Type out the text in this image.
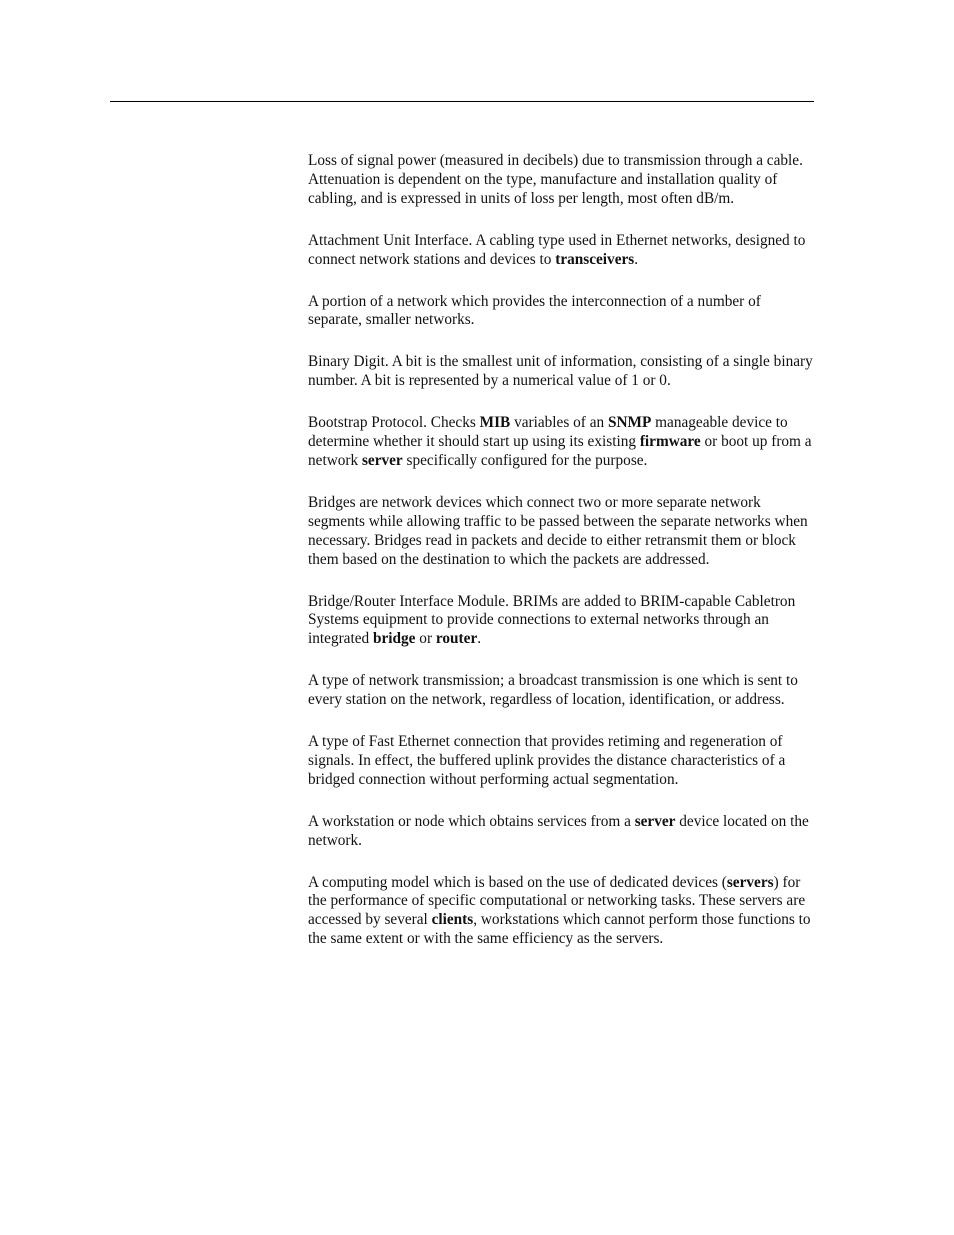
Loss of signal power (measured in decibels) due to transmission through a cable. Attenuation is dependent on the type, manufacture and installation quality of cabling, and is expressed in units of loss per length, most often dB/m.

Attachment Unit Interface. A cabling type used in Ethernet networks, designed to connect network stations and devices to transceivers.

A portion of a network which provides the interconnection of a number of separate, smaller networks.

Binary Digit. A bit is the smallest unit of information, consisting of a single binary number. A bit is represented by a numerical value of 1 or 0.

Bootstrap Protocol. Checks MIB variables of an SNMP manageable device to determine whether it should start up using its existing firmware or boot up from a network server specifically configured for the purpose.

Bridges are network devices which connect two or more separate network segments while allowing traffic to be passed between the separate networks when necessary. Bridges read in packets and decide to either retransmit them or block them based on the destination to which the packets are addressed.

Bridge/Router Interface Module. BRIMs are added to BRIM-capable Cabletron Systems equipment to provide connections to external networks through an integrated bridge or router.

A type of network transmission; a broadcast transmission is one which is sent to every station on the network, regardless of location, identification, or address.

A type of Fast Ethernet connection that provides retiming and regeneration of signals. In effect, the buffered uplink provides the distance characteristics of a bridged connection without performing actual segmentation.

A workstation or node which obtains services from a server device located on the network.

A computing model which is based on the use of dedicated devices (servers) for the performance of specific computational or networking tasks. These servers are accessed by several clients, workstations which cannot perform those functions to the same extent or with the same efficiency as the servers.
